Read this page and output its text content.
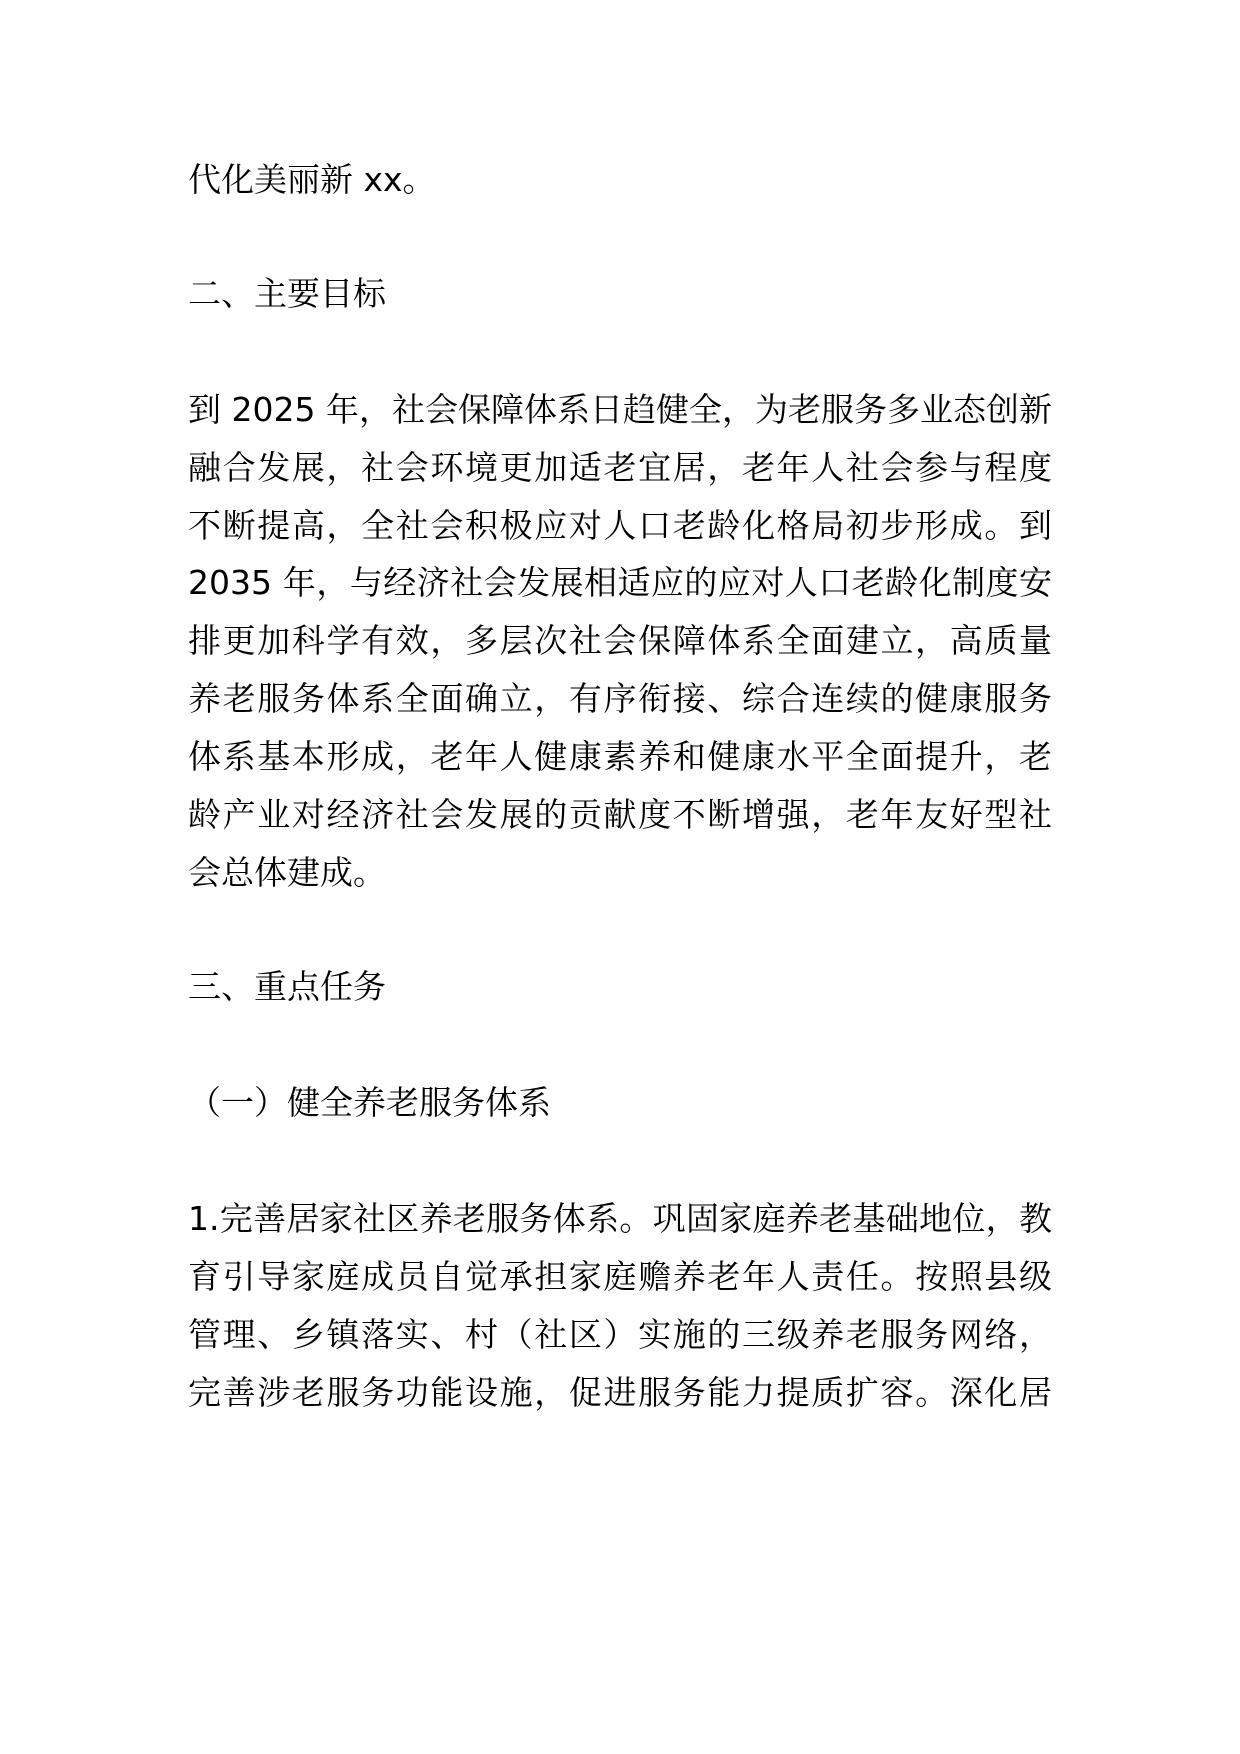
代化美丽新 xx。

二、主要目标

到 2025 年，社会保障体系日趋健全，为老服务多业态创新

融合发展，社会环境更加适老宜居，老年人社会参与程度

不断提高，全社会积极应对人口老龄化格局初步形成。到

2035 年，与经济社会发展相适应的应对人口老龄化制度安

排更加科学有效，多层次社会保障体系全面建立，高质量

养老服务体系全面确立，有序衔接、综合连续的健康服务

体系基本形成，老年人健康素养和健康水平全面提升，老

龄产业对经济社会发展的贡献度不断增强，老年友好型社

会总体建成。

三、重点任务

（一）健全养老服务体系

1.完善居家社区养老服务体系。巩固家庭养老基础地位，教

育引导家庭成员自觉承担家庭赡养老年人责任。按照县级

管理、乡镇落实、村（社区）实施的三级养老服务网络，

完善涉老服务功能设施，促进服务能力提质扩容。深化居
